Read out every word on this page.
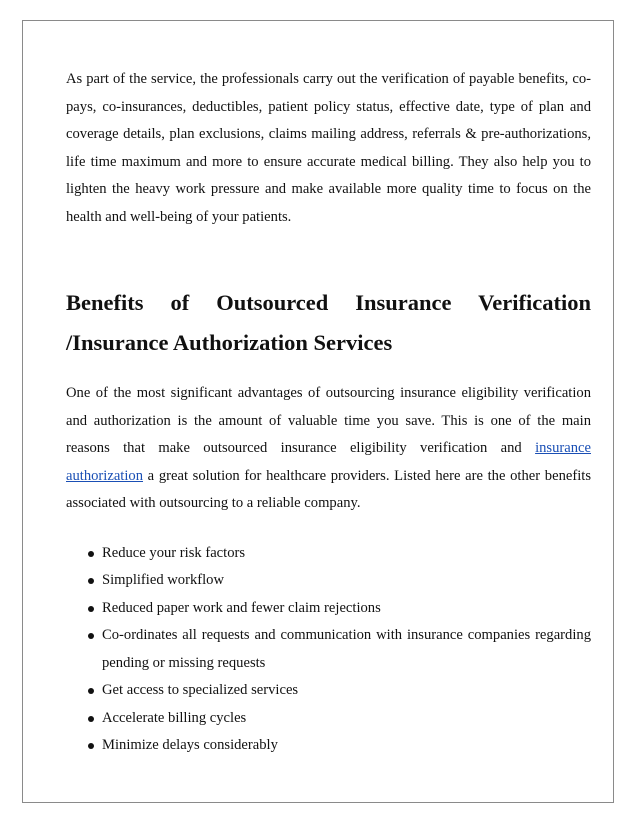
As part of the service, the professionals carry out the verification of payable benefits, co-pays, co-insurances, deductibles, patient policy status, effective date, type of plan and coverage details, plan exclusions, claims mailing address, referrals & pre-authorizations, life time maximum and more to ensure accurate medical billing. They also help you to lighten the heavy work pressure and make available more quality time to focus on the health and well-being of your patients.

Benefits of Outsourced Insurance Verification
/Insurance Authorization Services

One of the most significant advantages of outsourcing insurance eligibility verification and authorization is the amount of valuable time you save. This is one of the main reasons that make outsourced insurance eligibility verification and insurance authorization a great solution for healthcare providers. Listed here are the other benefits associated with outsourcing to a reliable company.

Reduce your risk factors
Simplified workflow
Reduced paper work and fewer claim rejections
Co-ordinates all requests and communication with insurance companies regarding pending or missing requests
Get access to specialized services
Accelerate billing cycles
Minimize delays considerably
